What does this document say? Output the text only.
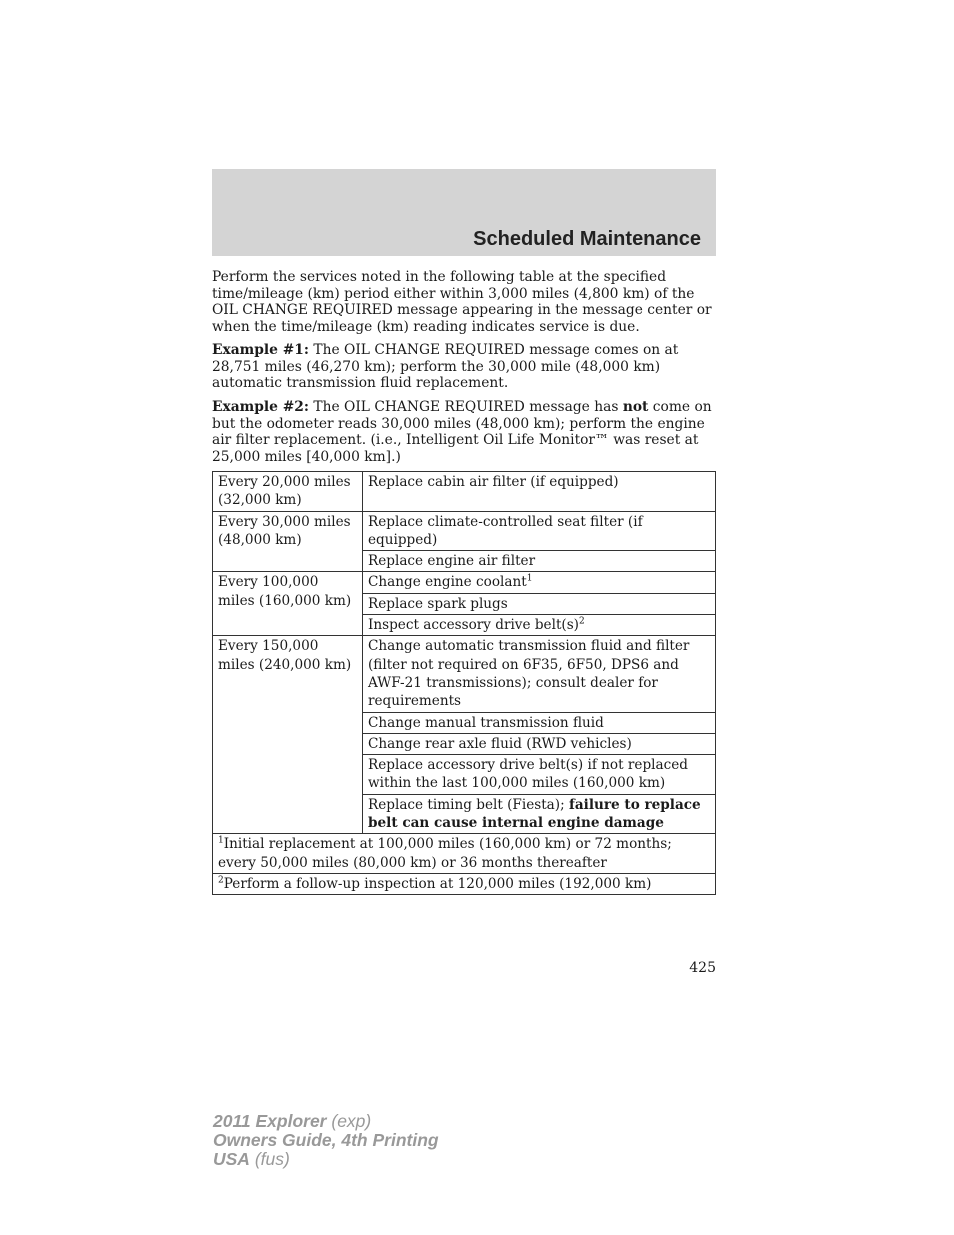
Scheduled Maintenance

Perform the services noted in the following table at the specified time/mileage (km) period either within 3,000 miles (4,800 km) of the OIL CHANGE REQUIRED message appearing in the message center or when the time/mileage (km) reading indicates service is due.

Example #1: The OIL CHANGE REQUIRED message comes on at 28,751 miles (46,270 km); perform the 30,000 mile (48,000 km) automatic transmission fluid replacement.

Example #2: The OIL CHANGE REQUIRED message has not come on but the odometer reads 30,000 miles (48,000 km); perform the engine air filter replacement. (i.e., Intelligent Oil Life Monitor™ was reset at 25,000 miles [40,000 km].)

Every 20,000 miles (32,000 km)	Replace cabin air filter (if equipped)
Every 30,000 miles (48,000 km)	Replace climate-controlled seat filter (if equipped)
	Replace engine air filter
Every 100,000 miles (160,000 km)	Change engine coolant$^1$
	Replace spark plugs
	Inspect accessory drive $belt(s)^2$
Every 150,000 miles (240,000 km)	Change automatic transmission fluid and filter (filter not required on 6F35, 6F50, DPS6 and AWF-21 transmissions); consult dealer for requirements
	Change manual transmission fluid
	Change rear axle fluid (RWD vehicles)
	Replace accessory drive belt(s) if not replaced within the last 100,000 miles (160,000 km)
	Replace timing belt (Fiesta); failure to replace belt can cause internal engine damage
$^1$Initial replacement at 100,000 miles (160,000 km) or 72 months; every 50,000 miles (80,000 km) or 36 months thereafter	
$^2$Perform a follow-up inspection at 120,000 miles (192,000 km)	
425
2011 Explorer (exp)
Owners Guide, 4th Printing
USA (fus)
